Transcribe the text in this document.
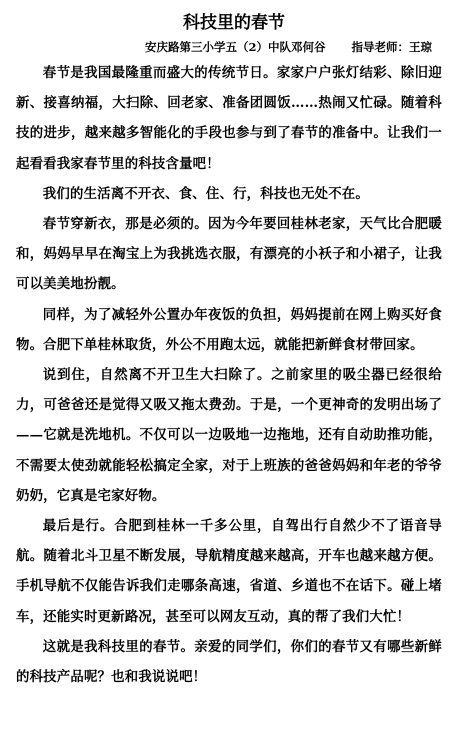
科技里的春节
安庆路第三小学五（2）中队邓何谷 指导老师：王琼

春节是我国最隆重而盛大的传统节日。家家户户张灯结彩、除旧迎新、接喜纳福，大扫除、回老家、准备团圆饭……热闹又忙碌。随着科技的进步，越来越多智能化的手段也参与到了春节的准备中。让我们一起看看我家春节里的科技含量吧！

我们的生活离不开衣、食、住、行，科技也无处不在。

春节穿新衣，那是必须的。因为今年要回桂林老家，天气比合肥暖和，妈妈早早在淘宝上为我挑选衣服，有漂亮的小袄子和小裙子，让我可以美美地扮靓。

同样，为了减轻外公置办年夜饭的负担，妈妈提前在网上购买好食物。合肥下单桂林取货，外公不用跑太远，就能把新鲜食材带回家。

说到住，自然离不开卫生大扫除了。之前家里的吸尘器已经很给力，可爸爸还是觉得又吸又拖太费劲。于是，一个更神奇的发明出场了——它就是洗地机。不仅可以一边吸地一边拖地，还有自动助推功能，不需要太使劲就能轻松搞定全家，对于上班族的爸爸妈妈和年老的爷爷奶奶，它真是宅家好物。

最后是行。合肥到桂林一千多公里，自驾出行自然少不了语音导航。随着北斗卫星不断发展，导航精度越来越高，开车也越来越方便。手机导航不仅能告诉我们走哪条高速，省道、乡道也不在话下。碰上堵车，还能实时更新路况，甚至可以网友互动，真的帮了我们大忙！

这就是我科技里的春节。亲爱的同学们，你们的春节又有哪些新鲜的科技产品呢？也和我说说吧！
